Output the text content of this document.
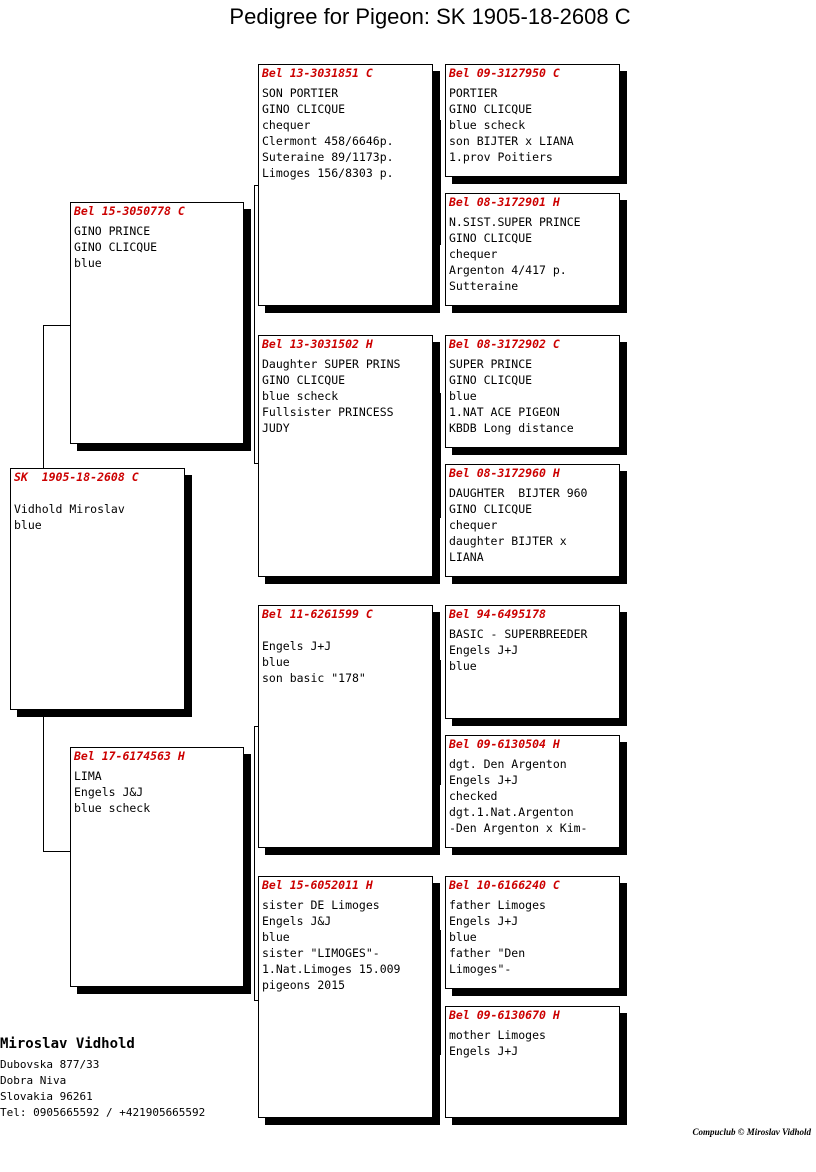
Pedigree for Pigeon: SK 1905-18-2608 C
SK  1905-18-2608 C
Vidhold Miroslav
blue
Bel 15-3050778 C
GINO PRINCE
GINO CLICQUE
blue
Bel 17-6174563 H
LIMA
Engels J&J
blue scheck
Bel 13-3031851 C
SON PORTIER
GINO CLICQUE
chequer
Clermont 458/6646p.
Suteraine 89/1173p.
Limoges 156/8303 p.
Bel 13-3031502 H
Daughter SUPER PRINS
GINO CLICQUE
blue scheck
Fullsister PRINCESS
JUDY
Bel 11-6261599 C
Engels J+J
blue
son basic "178"
Bel 15-6052011 H
sister DE Limoges
Engels J&J
blue
sister "LIMOGES"-
1.Nat.Limoges 15.009
pigeons 2015
Bel 09-3127950 C
PORTIER
GINO CLICQUE
blue scheck
son BIJTER x LIANA
1.prov Poitiers
Bel 08-3172901 H
N.SIST.SUPER PRINCE
GINO CLICQUE
chequer
Argenton 4/417 p.
Sutteraine
Bel 08-3172902 C
SUPER PRINCE
GINO CLICQUE
blue
1.NAT ACE PIGEON
KBDB Long distance
Bel 08-3172960 H
DAUGHTER  BIJTER 960
GINO CLICQUE
chequer
daughter BIJTER x
LIANA
Bel 94-6495178
BASIC - SUPERBREEDER
Engels J+J
blue
Bel 09-6130504 H
dgt. Den Argenton
Engels J+J
checked
dgt.1.Nat.Argenton
-Den Argenton x Kim-
Bel 10-6166240 C
father Limoges
Engels J+J
blue
father "Den
Limoges"-
Bel 09-6130670 H
mother Limoges
Engels J+J
Miroslav Vidhold
Dubovska 877/33
Dobra Niva
Slovakia 96261
Tel: 0905665592 / +421905665592
Compuclub © Miroslav Vidhold
